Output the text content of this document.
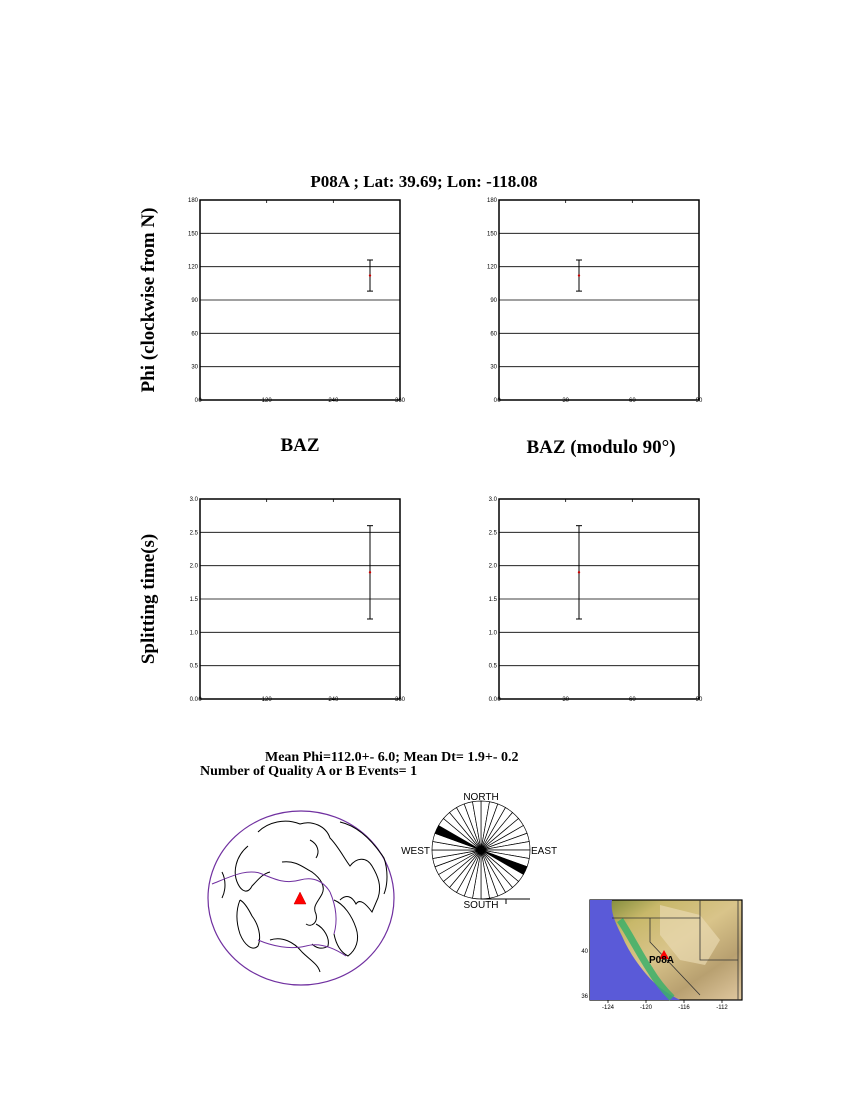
P08A ; Lat: 39.69; Lon: -118.08
Phi (clockwise from N)
Splitting time(s)
0
30
60
90
120
150
180
0	120	240	360	0
30
60
90
120
150
180
0	30	60	90
0.0
0.5
1.0
1.5
2.0
2.5
3.0
0	120	240	360	0.0
0.5
1.0
1.5
2.0
2.5
3.0
0	30	60	90
BAZ	BAZ (modulo 90°)
Mean Phi=112.0+- 6.0; Mean Dt= 1.9+- 0.2
Number of Quality A or B Events= 1
NORTH
SOUTH
EAST
WEST
P08A
-124	-120	-116	-112
36
40
